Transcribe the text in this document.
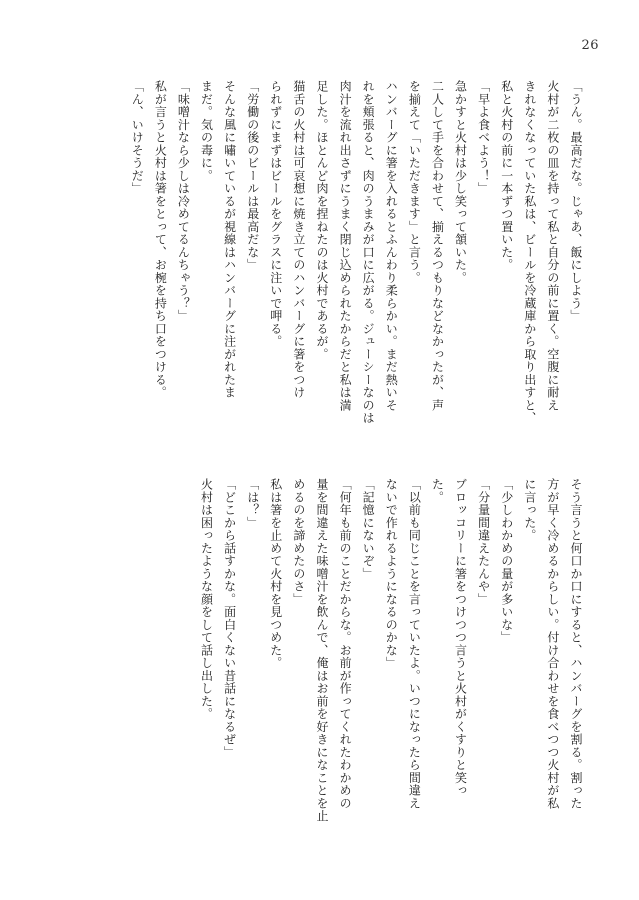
26
「うん。最高だな。じゃあ、飯にしよう」
火村が二枚の皿を持って私と自分の前に置く。空腹に耐え
きれなくなっていた私は、ビールを冷蔵庫から取り出すと、
私と火村の前に一本ずつ置いた。
「早よ食べよう！」
急かすと火村は少し笑って頷いた。
二人して手を合わせて、揃えるつもりなどなかったが、声
を揃えて「いただきます」と言う。
ハンバーグに箸を入れるとふんわり柔らかい。まだ熱いそ
れを頬張ると、肉のうまみが口に広がる。ジューシーなのは
肉汁を流れ出さずにうまく閉じ込められたからだと私は満
足した。ほとんど肉を捏ねたのは火村であるが。
猫舌の火村は可哀想に焼き立てのハンバーグに箸をつけ
られずにまずはビールをグラスに注いで呷る。
「労働の後のビールは最高だな」
そんな風に嘯いているが視線はハンバーグに注がれたま
まだ。気の毒に。
「味噌汁なら少しは冷めてるんちゃう？」
私が言うと火村は箸をとって、お椀を持ち口をつける。
「ん、いけそうだ」
そう言うと何口か口にすると、ハンバーグを割る。割った
方が早く冷めるからしい。付け合わせを食べつつ火村が私
に言った。
「少しわかめの量が多いな」
「分量間違えたんや」
ブロッコリーに箸をつけつつ言うと火村がくすりと笑っ
た。
「以前も同じことを言っていたよ。いつになったら間違え
ないで作れるようになるのかな」
「記憶にないぞ」
「何年も前のことだからな。お前が作ってくれたわかめの
量を間違えた味噌汁を飲んで、俺はお前を好きになことを止
めるのを諦めたのさ」
私は箸を止めて火村を見つめた。
「は？」
「どこから話すかな。面白くない昔話になるぜ」
火村は困ったような顔をして話し出した。
